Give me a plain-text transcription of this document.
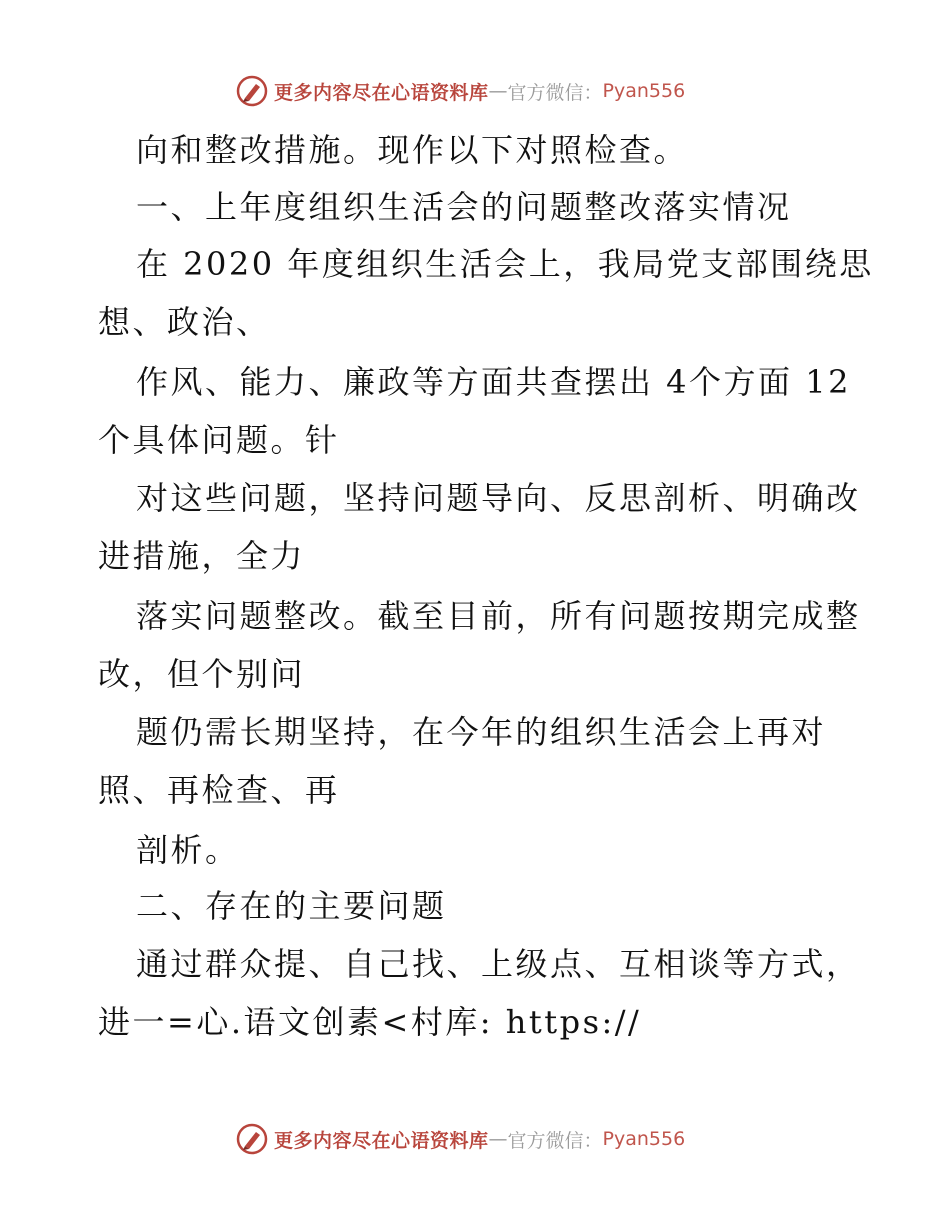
更多内容尽在心语资料库 — 官方微信： Pyan556
向和整改措施。现作以下对照检查。
一、上年度组织生活会的问题整改落实情况
在 2020 年度组织生活会上，我局党支部围绕思
想、政治、
作风、能力、廉政等方面共查摆出 4个方面 12
个具体问题。针
对这些问题，坚持问题导向、反思剖析、明确改
进措施，全力
落实问题整改。截至目前，所有问题按期完成整
改，但个别问
题仍需长期坚持，在今年的组织生活会上再对
照、再检查、再
剖析。
二、存在的主要问题
通过群众提、自己找、上级点、互相谈等方式，
进一=心.语文创素<村库: https://
更多内容尽在心语资料库 — 官方微信： Pyan556
